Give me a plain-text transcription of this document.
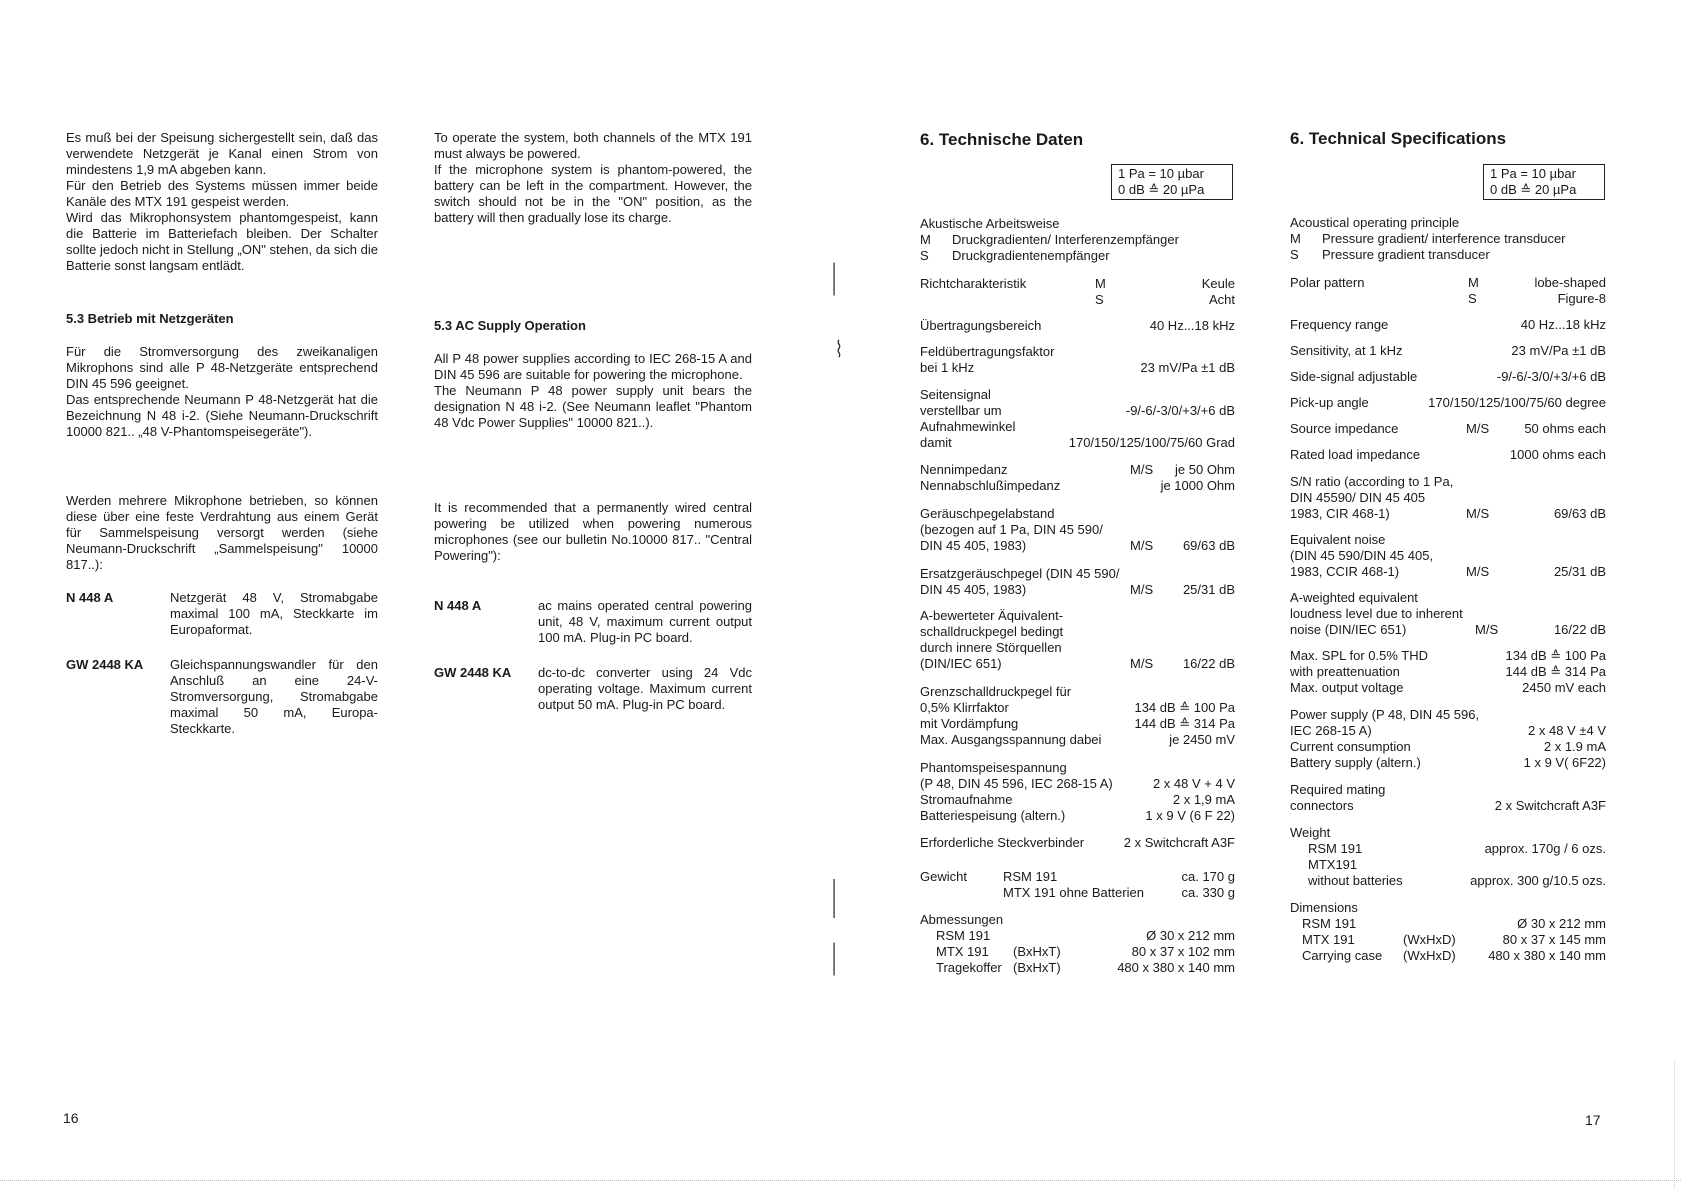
Es muß bei der Speisung sichergestellt sein, daß das verwendete Netzgerät je Kanal einen Strom von mindestens 1,9 mA abgeben kann.

Für den Betrieb des Systems müssen immer beide Kanäle des MTX 191 gespeist werden.

Wird das Mikrophonsystem phantomgespeist, kann die Batterie im Batteriefach bleiben. Der Schalter sollte jedoch nicht in Stellung „ON" stehen, da sich die Batterie sonst langsam entlädt.

5.3 Betrieb mit Netzgeräten

Für die Stromversorgung des zweikanaligen Mikrophons sind alle P 48-Netzgeräte entsprechend DIN 45 596 geeignet.

Das entsprechende Neumann P 48-Netzgerät hat die Bezeichnung N 48 i-2. (Siehe Neumann-Druckschrift 10000 821.. „48 V-Phantomspeisegeräte").

Werden mehrere Mikrophone betrieben, so können diese über eine feste Verdrahtung aus einem Gerät für Sammelspeisung versorgt werden (siehe Neumann-Druckschrift „Sammelspeisung" 10000 817..):
N 448 A	Netzgerät 48 V, Stromabgabe maximal 100 mA, Steckkarte im Europaformat.
GW 2448 KA Gleichspannungswandler für den Anschluß an eine 24-V-Stromversorgung, Stromabgabe maximal 50 mA, Europa-Steckkarte.
16

To operate the system, both channels of the MTX 191 must always be powered.

If the microphone system is phantom-powered, the battery can be left in the compartment. However, the switch should not be in the "ON" position, as the battery will then gradually lose its charge.

5.3 AC Supply Operation

All P 48 power supplies according to IEC 268-15 A and DIN 45 596 are suitable for powering the microphone.

The Neumann P 48 power supply unit bears the designation N 48 i-2. (See Neumann leaflet "Phantom 48 Vdc Power Supplies" 10000 821..).

It is recommended that a permanently wired central powering be utilized when powering numerous microphones (see our bulletin No.10000 817.. "Central Powering"):
N 448 A	ac mains operated central powering unit, 48 V, maximum current output 100 mA. Plug-in PC board.
GW 2448 KA dc-to-dc converter using 24 Vdc operating voltage. Maximum current output 50 mA. Plug-in PC board.
|
⌇
|
|
6. Technische Daten
1 Pa = 10 µbar
0 dB ≙ 20 µPa
Akustische Arbeitsweise
M Druckgradienten/ Interferenzempfänger
S Druckgradientenempfänger
Richtcharakteristik	M	Keule
S	Acht
Übertragungsbereich	40 Hz...18 kHz
Feldübertragungsfaktor
bei 1 kHz	23 mV/Pa ±1 dB
Seitensignal
verstellbar um	-9/-6/-3/0/+3/+6 dB
Aufnahmewinkel
damit	170/150/125/100/75/60 Grad
Nennimpedanz	M/S je 50 Ohm
Nennabschlußimpedanz	je 1000 Ohm
Geräuschpegelabstand
(bezogen auf 1 Pa, DIN 45 590/
DIN 45 405, 1983)	M/S 69/63 dB
Ersatzgeräuschpegel (DIN 45 590/
DIN 45 405, 1983)	M/S 25/31 dB
A-bewerteter Äquivalent-
schalldruckpegel bedingt
durch innere Störquellen
(DIN/IEC 651)	M/S 16/22 dB
Grenzschalldruckpegel für
0,5% Klirrfaktor	134 dB ≙ 100 Pa
mit Vordämpfung	144 dB ≙ 314 Pa
Max. Ausgangsspannung dabei	je 2450 mV
Phantomspeisespannung
(P 48, DIN 45 596, IEC 268-15 A)	2 x 48 V + 4 V
Stromaufnahme	2 x 1,9 mA
Batteriespeisung (altern.)	1 x 9 V (6 F 22)
Erforderliche Steckverbinder	2 x Switchcraft A3F
Gewicht	RSM 191	ca. 170 g
MTX 191 ohne Batterien	ca. 330 g
Abmessungen
RSM 191	Ø 30 x 212 mm
MTX 191 (BxHxT)	80 x 37 x 102 mm
Tragekoffer (BxHxT)	480 x 380 x 140 mm
6. Technical Specifications
1 Pa = 10 µbar
0 dB ≙ 20 µPa
Acoustical operating principle
M Pressure gradient/ interference transducer
S Pressure gradient transducer
Polar pattern	M	lobe-shaped
S	Figure-8
Frequency range	40 Hz...18 kHz
Sensitivity, at 1 kHz	23 mV/Pa ±1 dB
Side-signal adjustable	-9/-6/-3/0/+3/+6 dB
Pick-up angle	170/150/125/100/75/60 degree
Source impedance	M/S	50 ohms each
Rated load impedance	1000 ohms each
S/N ratio (according to 1 Pa,
DIN 45590/ DIN 45 405
1983, CIR 468-1)	M/S	69/63 dB
Equivalent noise
(DIN 45 590/DIN 45 405,
1983, CCIR 468-1)	M/S	25/31 dB
A-weighted equivalent
loudness level due to inherent
noise (DIN/IEC 651)	M/S	16/22 dB
Max. SPL for 0.5% THD	134 dB ≙ 100 Pa
with preattenuation	144 dB ≙ 314 Pa
Max. output voltage	2450 mV each
Power supply (P 48, DIN 45 596,
IEC 268-15 A)	2 x 48 V ±4 V
Current consumption	2 x 1.9 mA
Battery supply (altern.)	1 x 9 V( 6F22)
Required mating
connectors	2 x Switchcraft A3F
Weight
RSM 191	approx. 170g / 6 ozs.
MTX191
without batteries	approx. 300 g/10.5 ozs.
Dimensions
RSM 191	Ø 30 x 212 mm
MTX 191	(WxHxD)	80 x 37 x 145 mm
Carrying case (WxHxD) 480 x 380 x 140 mm
17
